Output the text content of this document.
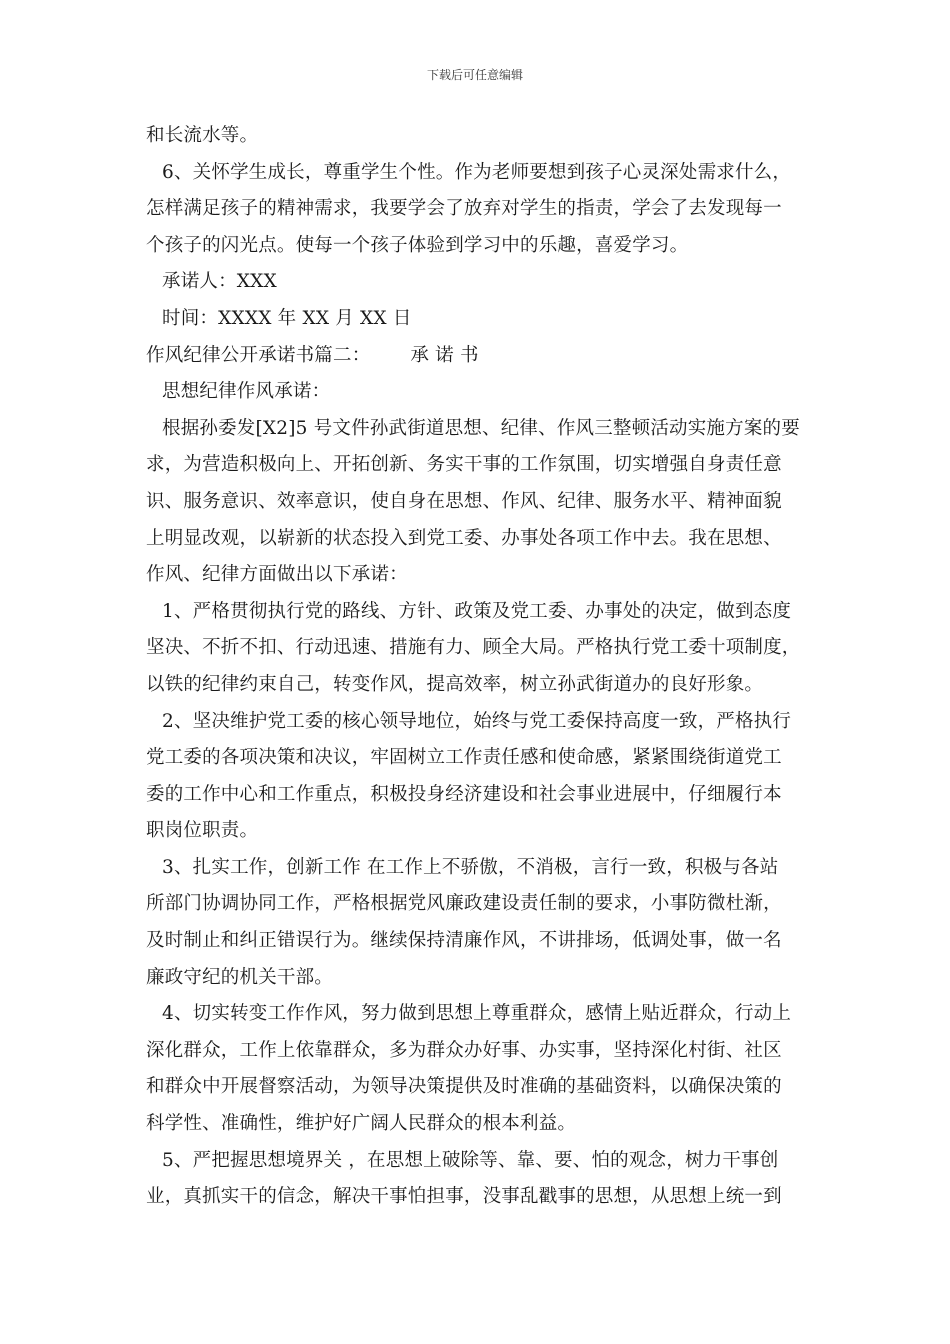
下载后可任意编辑
和长流水等。
6、关怀学生成长，尊重学生个性。作为老师要想到孩子心灵深处需求什么，
怎样满足孩子的精神需求，我要学会了放弃对学生的指责，学会了去发现每一
个孩子的闪光点。使每一个孩子体验到学习中的乐趣，喜爱学习。
承诺人：XXX
时间：XXXX 年 XX 月 XX 日
作风纪律公开承诺书篇二： 承 诺 书
思想纪律作风承诺：
根据孙委发[X2]5 号文件孙武街道思想、纪律、作风三整顿活动实施方案的要
求，为营造积极向上、开拓创新、务实干事的工作氛围，切实增强自身责任意
识、服务意识、效率意识，使自身在思想、作风、纪律、服务水平、精神面貌
上明显改观，以崭新的状态投入到党工委、办事处各项工作中去。我在思想、
作风、纪律方面做出以下承诺：
1、严格贯彻执行党的路线、方针、政策及党工委、办事处的决定，做到态度
坚决、不折不扣、行动迅速、措施有力、顾全大局。严格执行党工委十项制度，
以铁的纪律约束自己，转变作风，提高效率，树立孙武街道办的良好形象。
2、坚决维护党工委的核心领导地位，始终与党工委保持高度一致，严格执行
党工委的各项决策和决议，牢固树立工作责任感和使命感，紧紧围绕街道党工
委的工作中心和工作重点，积极投身经济建设和社会事业进展中，仔细履行本
职岗位职责。
3、扎实工作，创新工作 在工作上不骄傲，不消极，言行一致，积极与各站
所部门协调协同工作，严格根据党风廉政建设责任制的要求，小事防微杜渐，
及时制止和纠正错误行为。继续保持清廉作风，不讲排场，低调处事，做一名
廉政守纪的机关干部。
4、切实转变工作作风，努力做到思想上尊重群众，感情上贴近群众，行动上
深化群众，工作上依靠群众，多为群众办好事、办实事，坚持深化村街、社区
和群众中开展督察活动，为领导决策提供及时准确的基础资料，以确保决策的
科学性、准确性，维护好广阔人民群众的根本利益。
5、严把握思想境界关 ，在思想上破除等、靠、要、怕的观念，树力干事创
业，真抓实干的信念，解决干事怕担事，没事乱戳事的思想，从思想上统一到
